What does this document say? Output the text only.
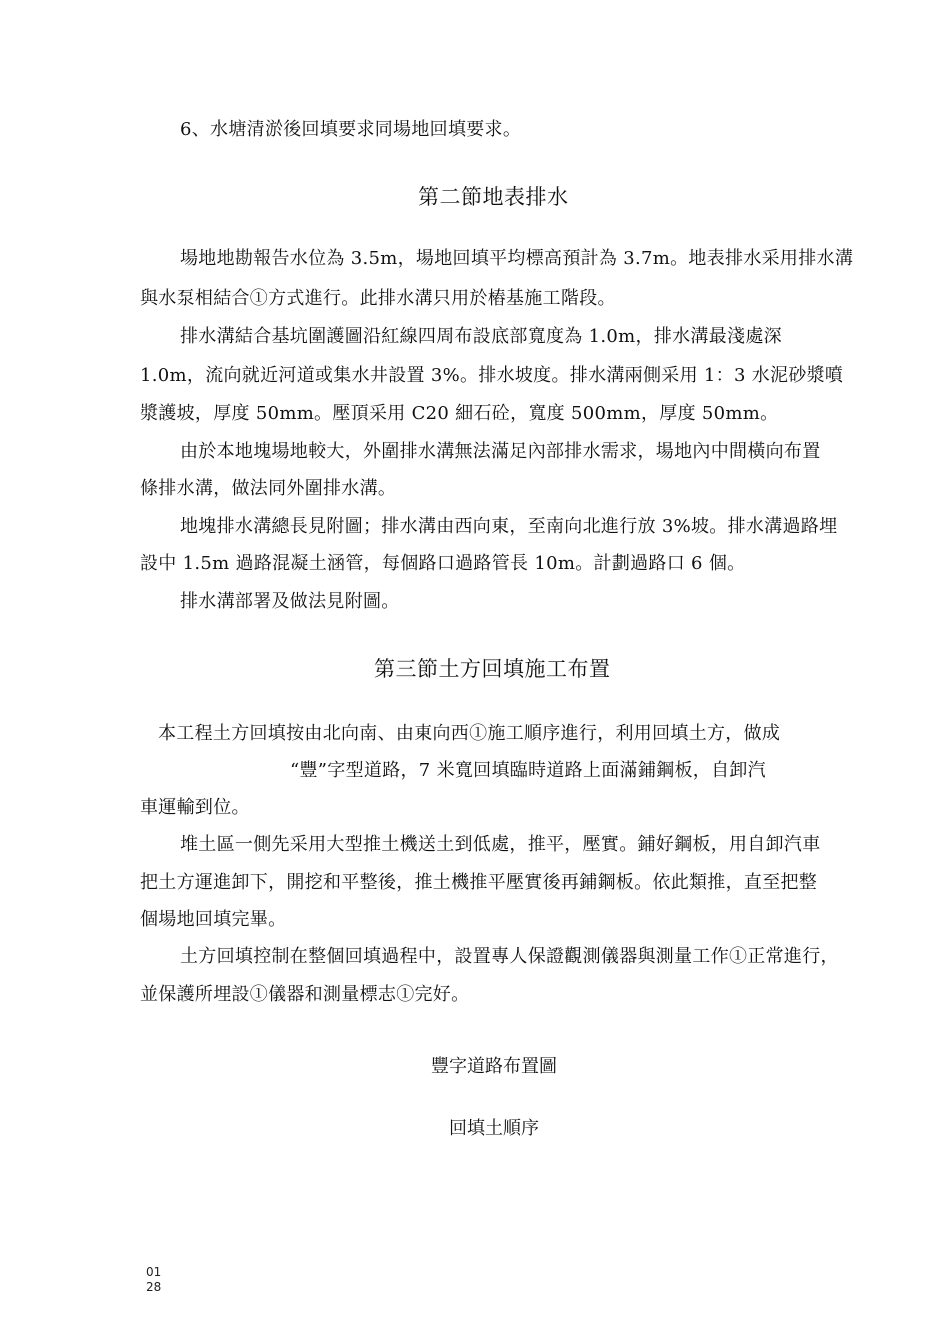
6、水塘清淤後回填要求同場地回填要求。
第二節地表排水
場地地勘報告水位為 3.5m，場地回填平均標高預計為 3.7m。地表排水采用排水溝
與水泵相結合①方式進行。此排水溝只用於樁基施工階段。
排水溝結合基坑圍護圖沿紅線四周布設底部寬度為 1.0m，排水溝最淺處深
1.0m，流向就近河道或集水井設置 3%。排水坡度。排水溝兩側采用 1：3 水泥砂漿噴
漿護坡，厚度 50mm。壓頂采用 C20 細石砼，寬度 500mm，厚度 50mm。
由於本地塊場地較大，外圍排水溝無法滿足內部排水需求，場地內中間橫向布置
條排水溝，做法同外圍排水溝。
地塊排水溝總長見附圖；排水溝由西向東，至南向北進行放 3%坡。排水溝過路埋
設中 1.5m 過路混凝土涵管，每個路口過路管長 10m。計劃過路口 6 個。
排水溝部署及做法見附圖。
第三節土方回填施工布置
本工程土方回填按由北向南、由東向西①施工順序進行，利用回填土方，做成
“豐”字型道路，7 米寬回填臨時道路上面滿鋪鋼板，自卸汽
車運輸到位。
堆土區一側先采用大型推土機送土到低處，推平，壓實。鋪好鋼板，用自卸汽車
把土方運進卸下，開挖和平整後，推土機推平壓實後再鋪鋼板。依此類推，直至把整
個場地回填完畢。
土方回填控制在整個回填過程中，設置專人保證觀測儀器與測量工作①正常進行，
並保護所埋設①儀器和測量標志①完好。
豐字道路布置圖
回填土順序
01
28
